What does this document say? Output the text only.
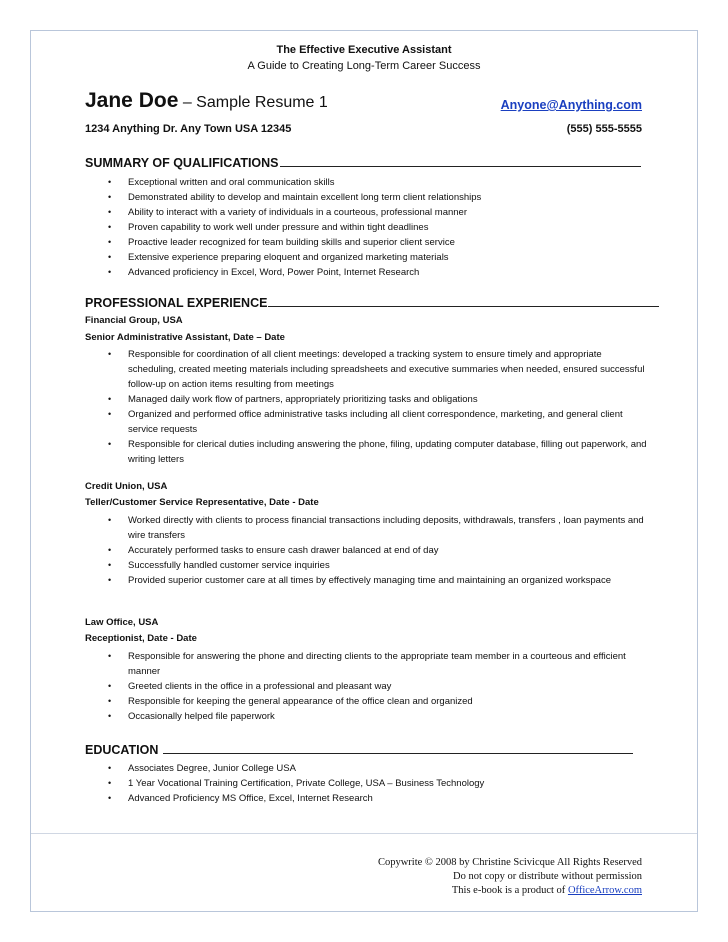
The Effective Executive Assistant
A Guide to Creating Long-Term Career Success
Jane Doe – Sample Resume 1	Anyone@Anything.com
1234 Anything Dr. Any Town USA 12345	(555) 555-5555
SUMMARY OF QUALIFICATIONS
• Exceptional written and oral communication skills
• Demonstrated ability to develop and maintain excellent long term client relationships
• Ability to interact with a variety of individuals in a courteous, professional manner
• Proven capability to work well under pressure and within tight deadlines
• Proactive leader recognized for team building skills and superior client service
• Extensive experience preparing eloquent and organized marketing materials
• Advanced proficiency in Excel, Word, Power Point, Internet Research
PROFESSIONAL EXPERIENCE
Financial Group, USA
Senior Administrative Assistant, Date – Date
• Responsible for coordination of all client meetings: developed a tracking system to ensure timely and appropriate scheduling, created meeting materials including spreadsheets and executive summaries when needed, ensured successful follow-up on action items resulting from meetings
• Managed daily work flow of partners, appropriately prioritizing tasks and obligations
• Organized and performed office administrative tasks including all client correspondence, marketing, and general client service requests
• Responsible for clerical duties including answering the phone, filing, updating computer database, filling out paperwork, and writing letters
Credit Union, USA
Teller/Customer Service Representative, Date - Date
• Worked directly with clients to process financial transactions including deposits, withdrawals, transfers , loan payments and wire transfers
• Accurately performed tasks to ensure cash drawer balanced at end of day
• Successfully handled customer service inquiries
• Provided superior customer care at all times by effectively managing time and maintaining an organized workspace
Law Office, USA
Receptionist, Date - Date
• Responsible for answering the phone and directing clients to the appropriate team member in a courteous and efficient manner
• Greeted clients in the office in a professional and pleasant way
• Responsible for keeping the general appearance of the office clean and organized
• Occasionally helped file paperwork
EDUCATION
• Associates Degree, Junior College USA
• 1 Year Vocational Training Certification, Private College, USA – Business Technology
• Advanced Proficiency MS Office, Excel, Internet Research
Copywrite © 2008 by Christine Scivicque All Rights Reserved
Do not copy or distribute without permission
This e-book is a product of OfficeArrow.com
